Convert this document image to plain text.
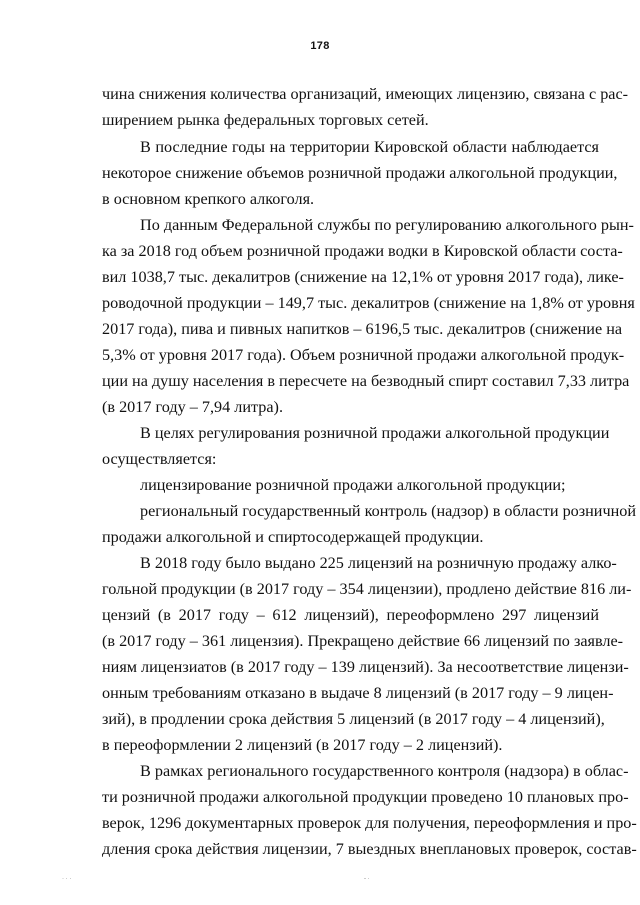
178
чина снижения количества организаций, имеющих лицензию, связана с рас-
ширением рынка федеральных торговых сетей.
В последние годы на территории Кировской области наблюдается
некоторое снижение объемов розничной продажи алкогольной продукции,
в основном крепкого алкоголя.
По данным Федеральной службы по регулированию алкогольного рын-
ка за 2018 год объем розничной продажи водки в Кировской области соста-
вил 1038,7 тыс. декалитров (снижение на 12,1% от уровня 2017 года), лике-
роводочной продукции – 149,7 тыс. декалитров (снижение на 1,8% от уровня
2017 года), пива и пивных напитков – 6196,5 тыс. декалитров (снижение на
5,3% от уровня 2017 года). Объем розничной продажи алкогольной продук-
ции на душу населения в пересчете на безводный спирт составил 7,33 литра
(в 2017 году – 7,94 литра).
В целях регулирования розничной продажи алкогольной продукции
осуществляется:
лицензирование розничной продажи алкогольной продукции;
региональный государственный контроль (надзор) в области розничной
продажи алкогольной и спиртосодержащей продукции.
В 2018 году было выдано 225 лицензий на розничную продажу алко-
гольной продукции (в 2017 году – 354 лицензии), продлено действие 816 ли-
цензий (в 2017 году – 612 лицензий), переоформлено 297 лицензий
(в 2017 году – 361 лицензия). Прекращено действие 66 лицензий по заявле-
ниям лицензиатов (в 2017 году – 139 лицензий). За несоответствие лицензи-
онным требованиям отказано в выдаче 8 лицензий (в 2017 году – 9 лицен-
зий), в продлении срока действия 5 лицензий (в 2017 году – 4 лицензий),
в переоформлении 2 лицензий (в 2017 году – 2 лицензий).
В рамках регионального государственного контроля (надзора) в облас-
ти розничной продажи алкогольной продукции проведено 10 плановых про-
верок, 1296 документарных проверок для получения, переоформления и про-
дления срока действия лицензии, 7 выездных внеплановых проверок, состав-
· · ·	- ·
